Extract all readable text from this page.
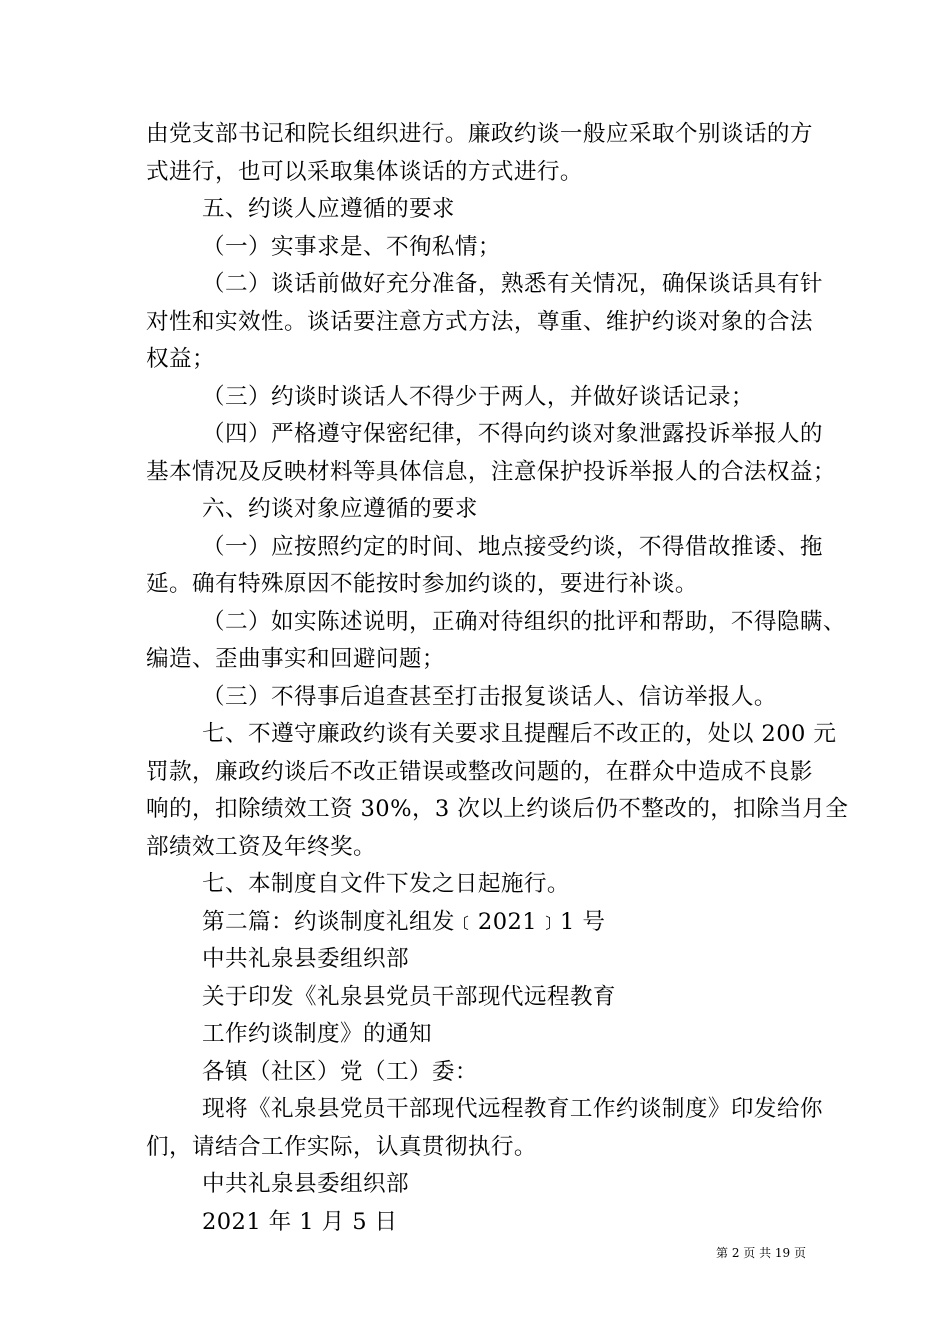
由党支部书记和院长组织进行。廉政约谈一般应采取个别谈话的方

式进行，也可以采取集体谈话的方式进行。

五、约谈人应遵循的要求

（一）实事求是、不徇私情；

（二）谈话前做好充分准备，熟悉有关情况，确保谈话具有针

对性和实效性。谈话要注意方式方法，尊重、维护约谈对象的合法

权益；

（三）约谈时谈话人不得少于两人，并做好谈话记录；

（四）严格遵守保密纪律，不得向约谈对象泄露投诉举报人的

基本情况及反映材料等具体信息，注意保护投诉举报人的合法权益；

六、约谈对象应遵循的要求

（一）应按照约定的时间、地点接受约谈，不得借故推诿、拖

延。确有特殊原因不能按时参加约谈的，要进行补谈。

（二）如实陈述说明，正确对待组织的批评和帮助，不得隐瞒、

编造、歪曲事实和回避问题；

（三）不得事后追查甚至打击报复谈话人、信访举报人。

七、不遵守廉政约谈有关要求且提醒后不改正的，处以 200 元

罚款，廉政约谈后不改正错误或整改问题的，在群众中造成不良影

响的，扣除绩效工资 30%，3 次以上约谈后仍不整改的，扣除当月全

部绩效工资及年终奖。

七、本制度自文件下发之日起施行。

第二篇：约谈制度礼组发﹝2021﹞1 号

中共礼泉县委组织部

关于印发《礼泉县党员干部现代远程教育

工作约谈制度》的通知

各镇（社区）党（工）委：

现将《礼泉县党员干部现代远程教育工作约谈制度》印发给你

们，请结合工作实际，认真贯彻执行。

中共礼泉县委组织部

2021 年 1 月 5 日

第 2 页 共 19 页
